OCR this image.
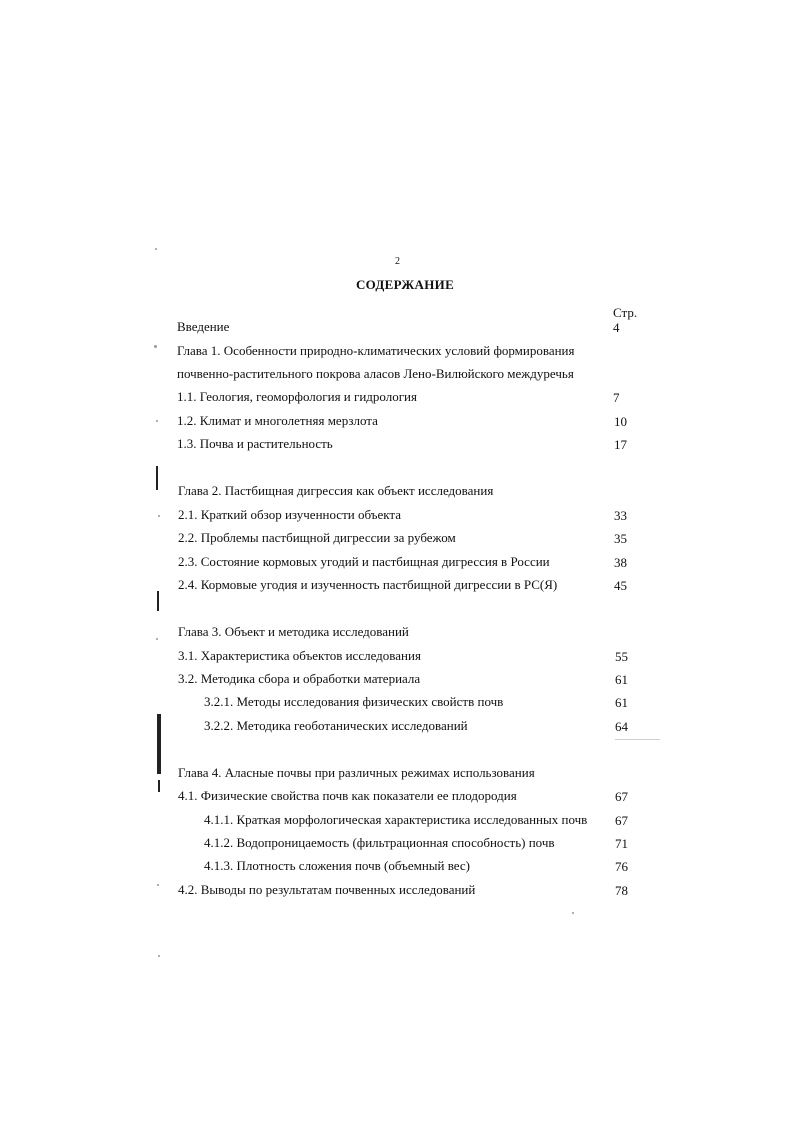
2
СОДЕРЖАНИЕ
Стр.
Введение	4
Глава 1. Особенности природно-климатических условий формирования
почвенно-растительного покрова аласов Лено-Вилюйского междуречья
1.1. Геология, геоморфология и гидрология	7
1.2. Климат и многолетняя мерзлота	10
1.3. Почва и растительность	17
Глава 2. Пастбищная дигрессия как объект исследования
2.1. Краткий обзор изученности объекта	33
2.2. Проблемы пастбищной дигрессии за рубежом	35
2.3. Состояние кормовых угодий и пастбищная дигрессия в России	38
2.4. Кормовые угодия и изученность пастбищной дигрессии в РС(Я)	45
Глава 3. Объект и методика исследований
3.1. Характеристика объектов исследования	55
3.2. Методика сбора и обработки материала	61
3.2.1. Методы исследования физических свойств почв	61
3.2.2. Методика геоботанических исследований	64
Глава 4. Аласные почвы при различных режимах использования
4.1. Физические свойства почв как показатели ее плодородия	67
4.1.1. Краткая морфологическая характеристика исследованных почв 67
4.1.2. Водопроницаемость (фильтрационная способность) почв	71
4.1.3. Плотность сложения почв (объемный вес)	76
4.2. Выводы по результатам почвенных исследований	78
